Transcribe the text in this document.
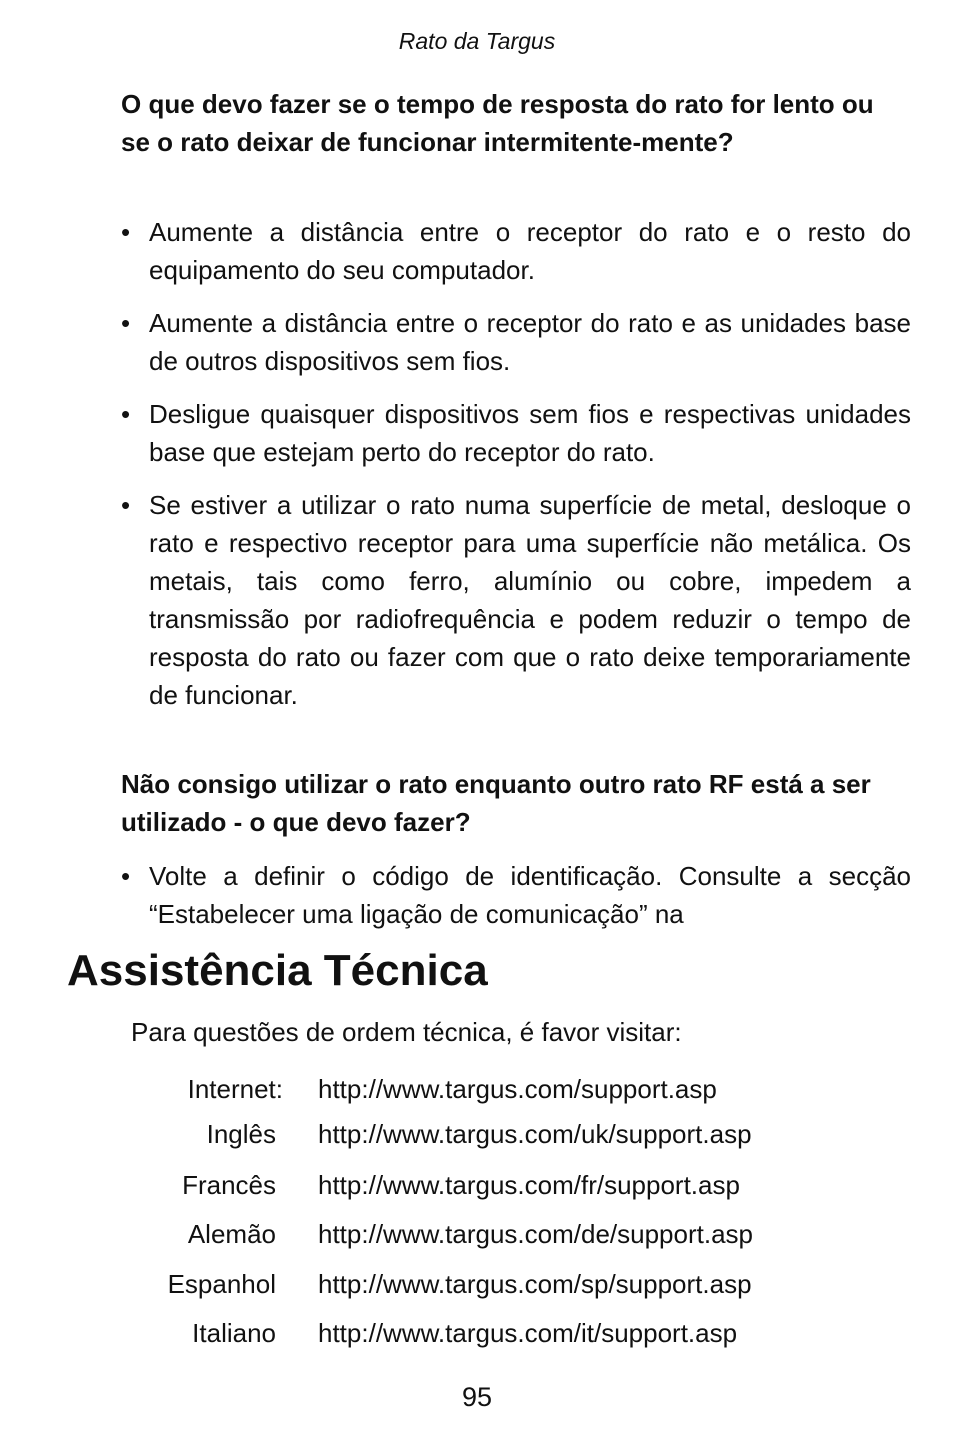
Rato da Targus

O que devo fazer se o tempo de resposta do rato for lento ou se o rato deixar de funcionar intermitente-mente?

• Aumente a distância entre o receptor do rato e o resto do equipamento do seu computador.
• Aumente a distância entre o receptor do rato e as unidades base de outros dispositivos sem fios.
• Desligue quaisquer dispositivos sem fios e respectivas unidades base que estejam perto do receptor do rato.
• Se estiver a utilizar o rato numa superfície de metal, desloque o rato e respectivo receptor para uma superfície não metálica. Os metais, tais como ferro, alumínio ou cobre, impedem a transmissão por radiofrequência e podem reduzir o tempo de resposta do rato ou fazer com que o rato deixe temporariamente de funcionar.

Não consigo utilizar o rato enquanto outro rato RF está a ser utilizado - o que devo fazer?

• Volte a definir o código de identificação. Consulte a secção “Estabelecer uma ligação de comunicação” na
Assistência Técnica

Para questões de ordem técnica, é favor visitar:

Internet: http://www.targus.com/support.asp
Inglês http://www.targus.com/uk/support.asp
Francês http://www.targus.com/fr/support.asp
Alemão http://www.targus.com/de/support.asp
Espanhol http://www.targus.com/sp/support.asp
Italiano http://www.targus.com/it/support.asp
95
